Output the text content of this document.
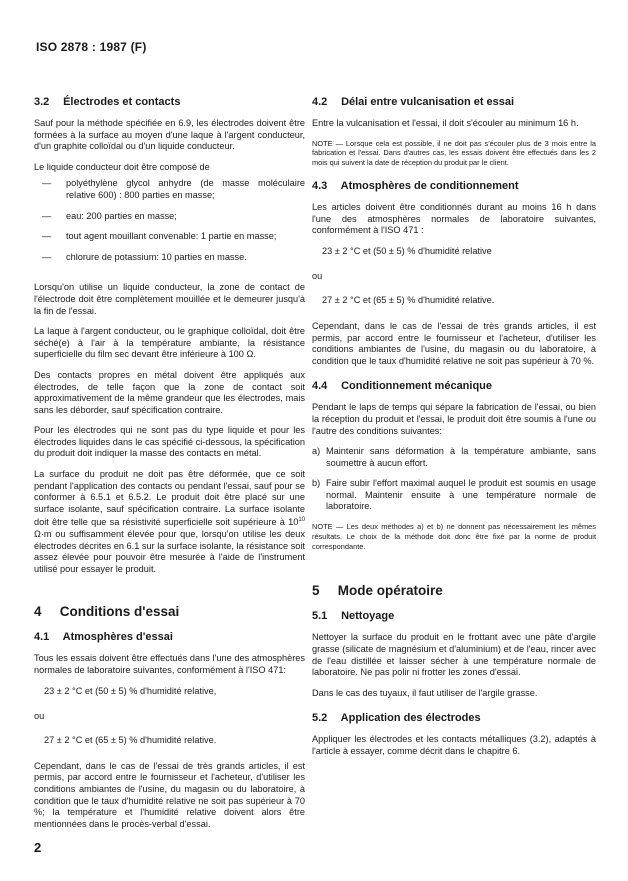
ISO 2878 : 1987 (F)
3.2 Électrodes et contacts

Sauf pour la méthode spécifiée en 6.9, les électrodes doivent être formées à la surface au moyen d'une laque à l'argent conducteur, d'un graphite colloïdal ou d'un liquide conducteur.

Le liquide conducteur doit être composé de

—	polyéthylène glycol anhydre (de masse moléculaire relative 600) : 800 parties en masse;
—	eau: 200 parties en masse;
—	tout agent mouillant convenable: 1 partie en masse;
—	chlorure de potassium: 10 parties en masse.

Lorsqu'on utilise un liquide conducteur, la zone de contact de l'électrode doit être complètement mouillée et le demeurer jusqu'à la fin de l'essai.

La laque à l'argent conducteur, ou le graphique colloïdal, doit être séché(e) à l'air à la température ambiante, la résistance superficielle du film sec devant être inférieure à 100 Ω.

Des contacts propres en métal doivent être appliqués aux électrodes, de telle façon que la zone de contact soit approximativement de la même grandeur que les électrodes, mais sans les déborder, sauf spécification contraire.

Pour les électrodes qui ne sont pas du type liquide et pour les électrodes liquides dans le cas spécifié ci-dessous, la spécification du produit doit indiquer la masse des contacts en métal.

La surface du produit ne doit pas être déformée, que ce soit pendant l'application des contacts ou pendant l'essai, sauf pour se conformer à 6.5.1 et 6.5.2. Le produit doit être placé sur une surface isolante, sauf spécification contraire. La surface isolante doit être telle que sa résistivité superficielle soit supérieure à $10^{10}$ Ω·m ou suffisamment élevée pour que, lorsqu'on utilise les deux électrodes décrites en 6.1 sur la surface isolante, la résistance soit assez élevée pour pouvoir être mesurée à l'aide de l'instrument utilisé pour essayer le produit.

4 Conditions d'essai
4.1 Atmosphères d'essai

Tous les essais doivent être effectués dans l'une des atmosphères normales de laboratoire suivantes, conformément à l'ISO 471:

23 ± 2 °C et (50 ± 5) % d'humidité relative,
ou
27 ± 2 °C et (65 ± 5) % d'humidité relative.

Cependant, dans le cas de l'essai de très grands articles, il est permis, par accord entre le fournisseur et l'acheteur, d'utiliser les conditions ambiantes de l'usine, du magasin ou du laboratoire, à condition que le taux d'humidité relative ne soit pas supérieur à 70 %; la température et l'humidité relative doivent alors être mentionnées dans le procès-verbal d'essai.

4.2 Délai entre vulcanisation et essai

Entre la vulcanisation et l'essai, il doit s'écouler au minimum 16 h.

NOTE — Lorsque cela est possible, il ne doit pas s'écouler plus de 3 mois entre la fabrication et l'essai. Dans d'autres cas, les essais doivent être effectués dans les 2 mois qui suivent la date de réception du produit par le client.
4.3 Atmosphères de conditionnement

Les articles doivent être conditionnés durant au moins 16 h dans l'une des atmosphères normales de laboratoire suivantes, conformément à l'ISO 471 :

23 ± 2 °C et (50 ± 5) % d'humidité relative
ou
27 ± 2 °C et (65 ± 5) % d'humidité relative.

Cependant, dans le cas de l'essai de très grands articles, il est permis, par accord entre le fournisseur et l'acheteur, d'utiliser les conditions ambiantes de l'usine, du magasin ou du laboratoire, à condition que le taux d'humidité relative ne soit pas supérieur à 70 %.

4.4 Conditionnement mécanique

Pendant le laps de temps qui sépare la fabrication de l'essai, ou bien la réception du produit et l'essai, le produit doit être soumis à l'une ou l'autre des conditions suivantes:

a) Maintenir sans déformation à la température ambiante, sans soumettre à aucun effort.
b) Faire subir l'effort maximal auquel le produit est soumis en usage normal. Maintenir ensuite à une température normale de laboratoire.
NOTE — Les deux méthodes a) et b) ne donnent pas nécessairement les mêmes résultats. Le choix de la méthode doit donc être fixé par la norme de produit correspondante.
5 Mode opératoire
5.1 Nettoyage

Nettoyer la surface du produit en le frottant avec une pâte d'argile grasse (silicate de magnésium et d'aluminium) et de l'eau, rincer avec de l'eau distillée et laisser sécher à une température normale de laboratoire. Ne pas polir ni frotter les zones d'essai.

Dans le cas des tuyaux, il faut utiliser de l'argile grasse.

5.2 Application des électrodes

Appliquer les électrodes et les contacts métalliques (3.2), adaptés à l'article à essayer, comme décrit dans le chapitre 6.

2
